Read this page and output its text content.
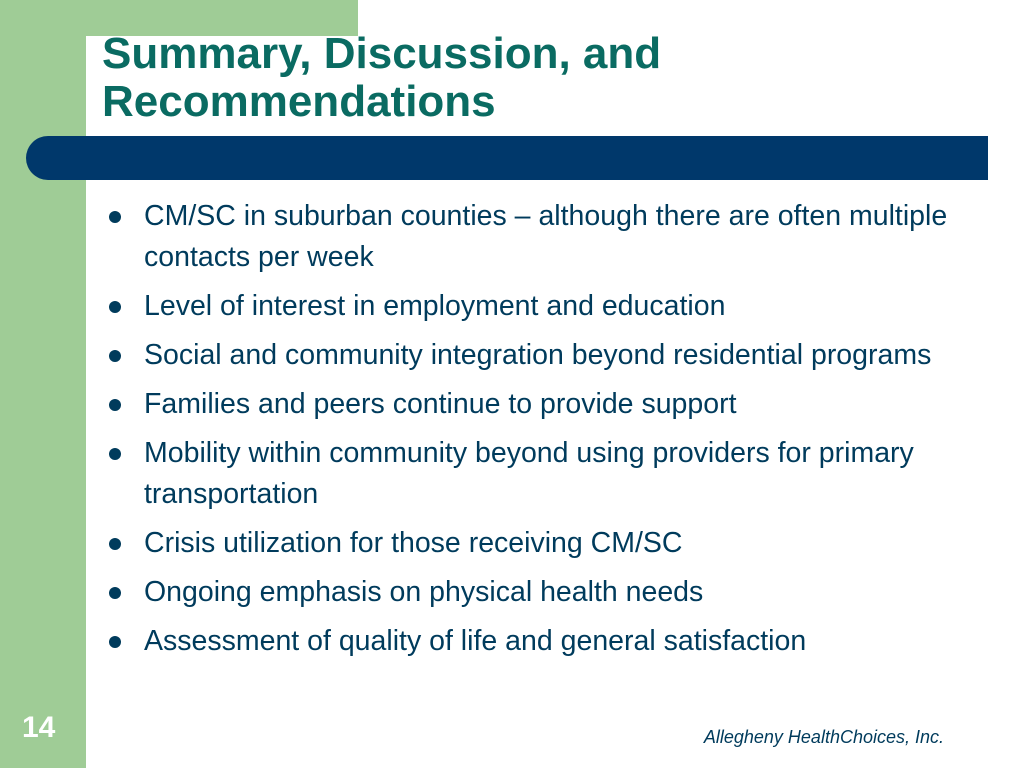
Summary, Discussion, and Recommendations
CM/SC in suburban counties – although there are often multiple contacts per week
Level of interest in employment and education
Social and community integration beyond residential programs
Families and peers continue to provide support
Mobility within community beyond using providers for primary transportation
Crisis utilization for those receiving CM/SC
Ongoing emphasis on physical health needs
Assessment of quality of life and general satisfaction
14	Allegheny HealthChoices, Inc.
